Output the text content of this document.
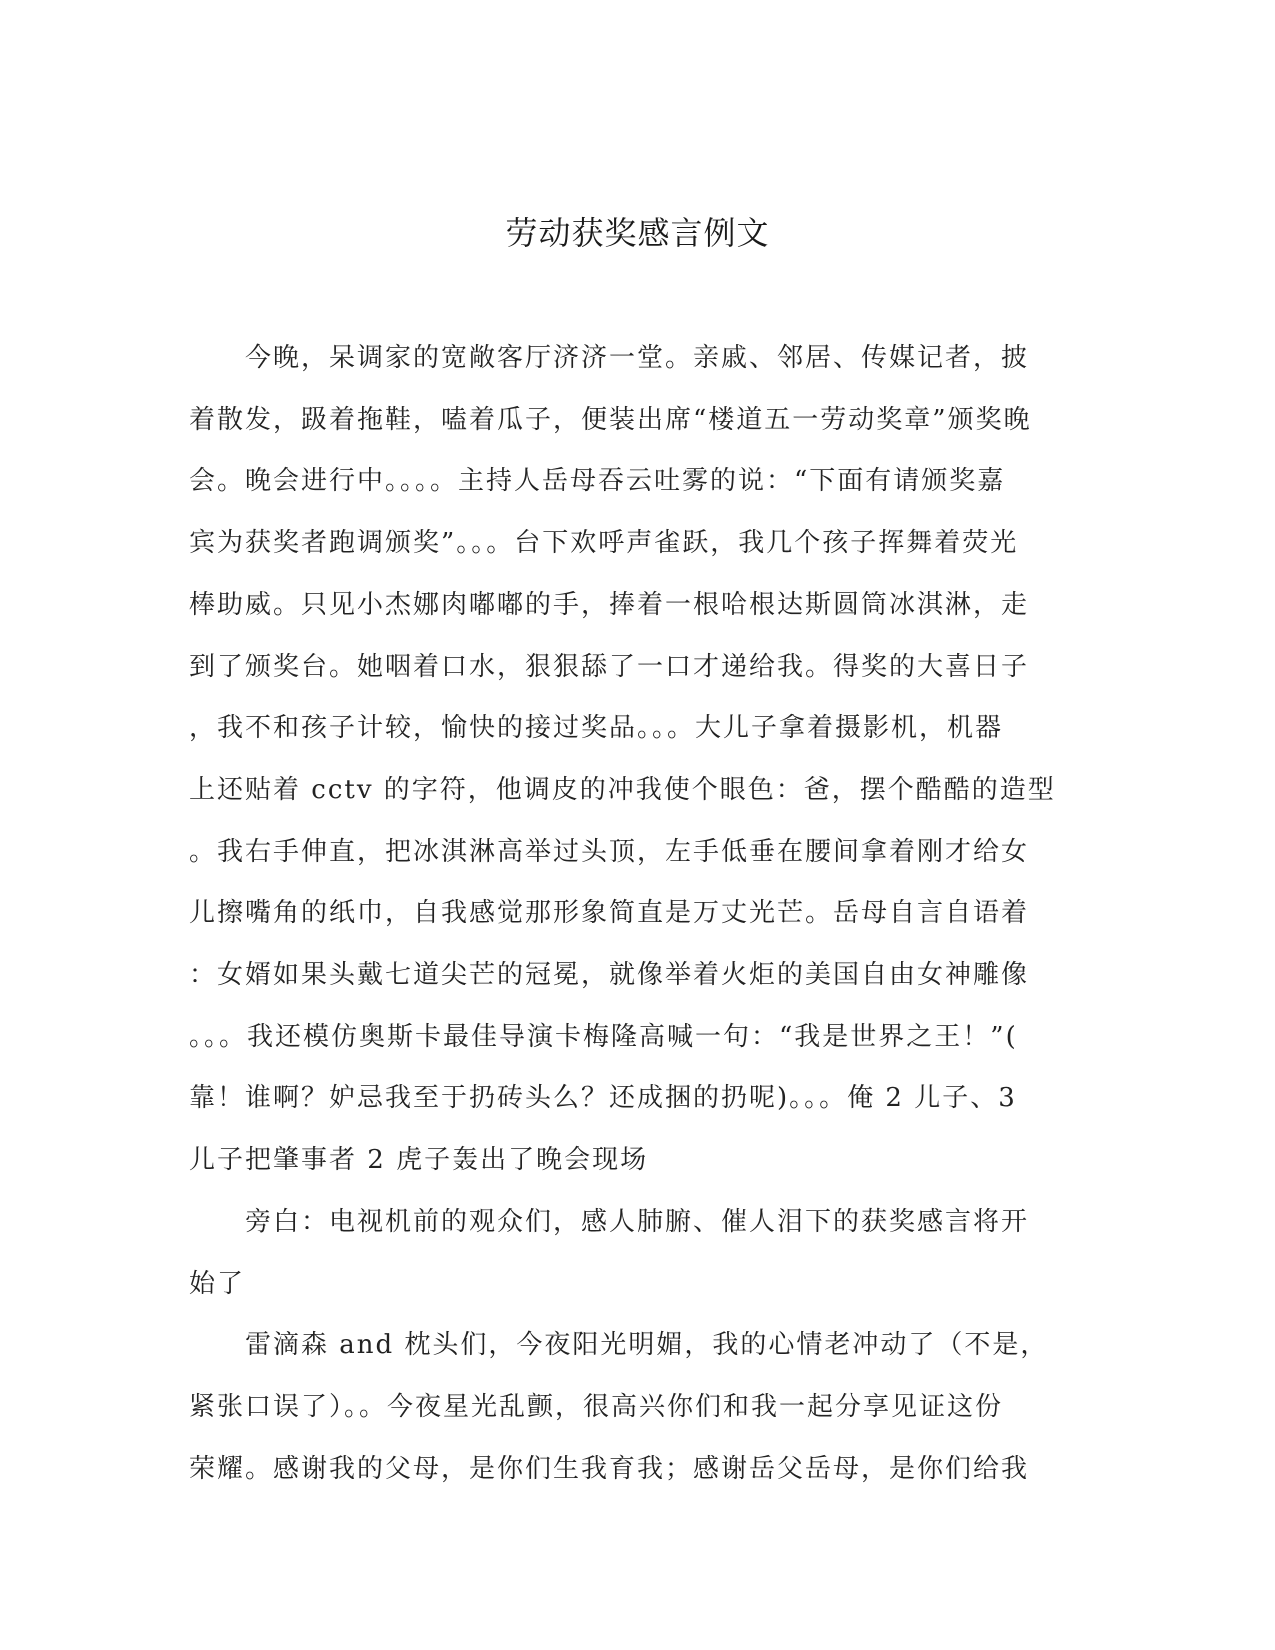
劳动获奖感言例文

　　今晚，呆调家的宽敞客厅济济一堂。亲戚、邻居、传媒记者，披
着散发，趿着拖鞋，嗑着瓜子，便装出席“楼道五一劳动奖章”颁奖晚
会。晚会进行中。。。。主持人岳母吞云吐雾的说：“下面有请颁奖嘉
宾为获奖者跑调颁奖”。。。台下欢呼声雀跃，我几个孩子挥舞着荧光
棒助威。只见小杰娜肉嘟嘟的手，捧着一根哈根达斯圆筒冰淇淋，走
到了颁奖台。她咽着口水，狠狠舔了一口才递给我。得奖的大喜日子
，我不和孩子计较，愉快的接过奖品。。。大儿子拿着摄影机，机器
上还贴着 cctv 的字符，他调皮的冲我使个眼色：爸，摆个酷酷的造型
。我右手伸直，把冰淇淋高举过头顶，左手低垂在腰间拿着刚才给女
儿擦嘴角的纸巾，自我感觉那形象简直是万丈光芒。岳母自言自语着
：女婿如果头戴七道尖芒的冠冕，就像举着火炬的美国自由女神雕像
。。。我还模仿奥斯卡最佳导演卡梅隆高喊一句：“我是世界之王！”(
靠！谁啊？妒忌我至于扔砖头么？还成捆的扔呢)。。。俺 2 儿子、3
儿子把肇事者 2 虎子轰出了晚会现场

　　旁白：电视机前的观众们，感人肺腑、催人泪下的获奖感言将开
始了

　　雷滴森 and 枕头们，今夜阳光明媚，我的心情老冲动了（不是，
紧张口误了）。。今夜星光乱颤，很高兴你们和我一起分享见证这份
荣耀。感谢我的父母，是你们生我育我；感谢岳父岳母，是你们给我
